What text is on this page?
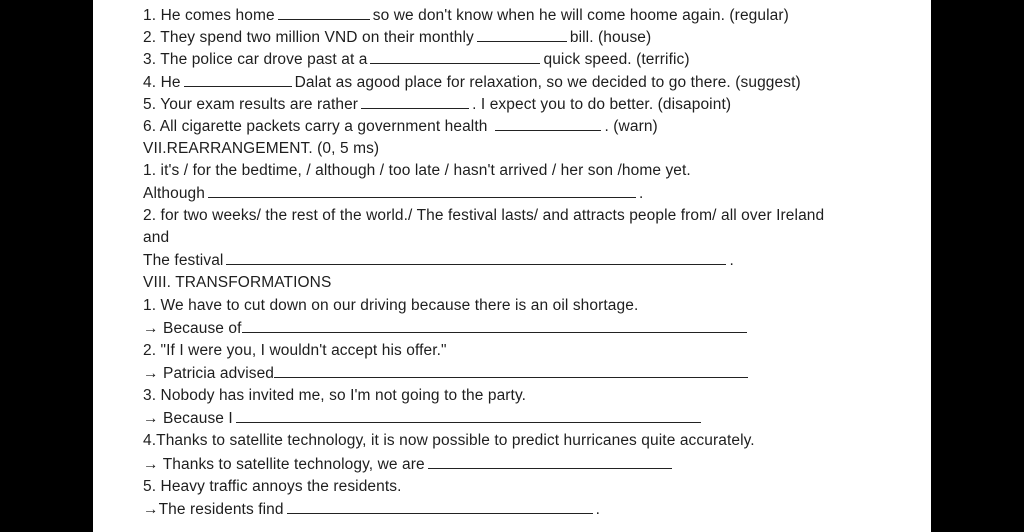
1. He comes home	so we don't know when he will come hoome again. (regular)
2. They spend two million VND on their monthly	bill. (house)
3. The police car drove past at a	quick speed. (terrific)
4. He	Dalat as agood place for relaxation, so we decided to go there. (suggest)
5. Your exam results are rather	. I expect you to do better. (disapoint)
6. All cigarette packets carry a government health	. (warn)
VII.REARRANGEMENT. (0, 5 ms)
1. it's / for the bedtime, / although / too late / hasn't arrived / her son /home yet.
Although	.
2. for two weeks/ the rest of the world./ The festival lasts/ and attracts people from/ all over Ireland
and
The festival	.
VIII. TRANSFORMATIONS
1. We have to cut down on our driving because there is an oil shortage.
→ Because of
2. "If I were you, I wouldn't accept his offer."
→ Patricia advised
3. Nobody has invited me, so I'm not going to the party.
→ Because I
4.Thanks to satellite technology, it is now possible to predict hurricanes quite accurately.
→ Thanks to satellite technology, we are
5. Heavy traffic annoys the residents.
→The residents find	.
